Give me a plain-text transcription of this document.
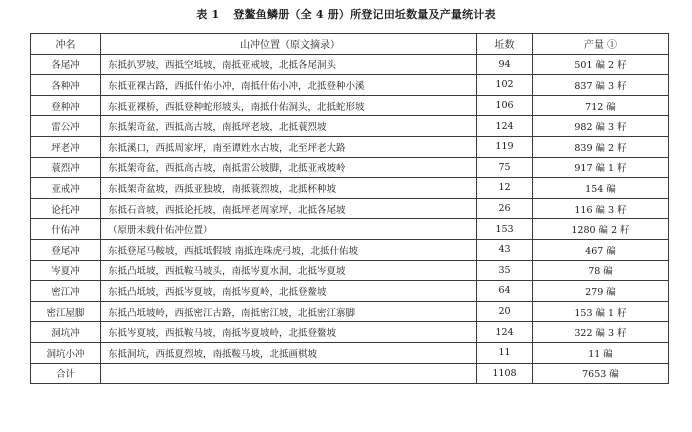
表 1 登鳌鱼鳞册（全 4 册）所登记田坵数量及产量统计表
冲名	山冲位置（原文摘录）	坵数	产量 ①
各尾冲	东抵扒罗坡，西抵空坻坡，南抵亚戒坡，北抵各尾洞头	94	501 碥 2 籽
各种冲	东抵亚裸古路，西抵什佑小冲，南抵什佑小冲，北抵登种小溪	102	837 碥 3 籽
登种冲	东抵亚裸桥，西抵登种蛇形坡头，南抵什佑洞头，北抵蛇形坡	106	712 碥
雷公冲	东抵架奇盆，西抵高古坡，南抵坪老坡，北抵蓑烈坡	124	982 碥 3 籽
坪老冲	东抵溪口，西抵周家坪，南至谭姓水古坡，北至坪老大路	119	839 碥 2 籽
蓑烈冲	东抵架奇盆，西抵高古坡，南抵雷公坡脚，北抵亚戒坡岭	75	917 碥 1 籽
亚戒冲	东抵架奇盆坡，西抵亚独坡，南抵蓑烈坡，北抵杯种坡	12	154 碥
论托冲	东抵石音坡，西抵论托坡，南抵坪老周家坪，北抵各尾坡	26	116 碥 3 籽
什佑冲	（原册未载什佑冲位置）	153	1280 碥 2 籽
登尾冲	东抵登尾马鞍坡，西抵坻假坡 南抵连珠虎弓坡，北抵什佑坡	43	467 碥
岑夏冲	东抵凸坻坡，西抵鞍马坡头，南抵岑夏水洞，北抵岑夏坡	35	78 碥
密江冲	东抵凸坻坡，西抵岑夏坡，南抵岑夏岭，北抵登鳌坡	64	279 碥
密江屋脚	东抵凸坻坡岭，西抵密江古路，南抵密江坡，北抵密江寨脚	20	153 碥 1 籽
洞坑冲	东抵岑夏坡，西抵鞍马坡，南抵岑夏坡岭，北抵登鳌坡	124	322 碥 3 籽
洞坑小冲	东抵洞坑，西抵夏烈坡，南抵鞍马坡，北抵画棋坡	11	11 碥
合计		1108	7653 碥
